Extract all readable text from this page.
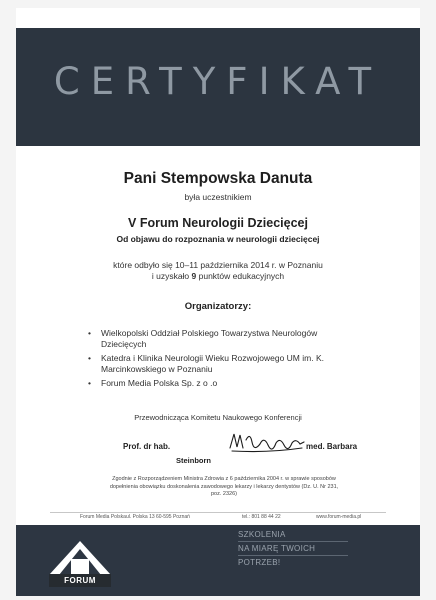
CERTYFIKAT
Pani Stempowska Danuta
była uczestnikiem
V Forum Neurologii Dziecięcej
Od objawu do rozpoznania w neurologii dziecięcej
które odbyło się 10–11 października 2014 r. w Poznaniu
i uzyskało 9 punktów edukacyjnych
Organizatorzy:
• Wielkopolski Oddział Polskiego Towarzystwa Neurologów Dziecięcych
• Katedra i Klinika Neurologii Wieku Rozwojowego UM im. K. Marcinkowskiego w Poznaniu
• Forum Media Polska Sp. z o .o
Przewodnicząca Komitetu Naukowego Konferencji
Prof. dr hab.	med. Barbara
Steinborn
Zgodnie z Rozporządzeniem Ministra Zdrowia z 6 października 2004 r. w sprawie sposobów
dopełnienia obowiązku doskonalenia zawodowego lekarzy i lekarzy dentystów (Dz. U. Nr 231, poz. 2326)
Forum Media Polska ul. Polska 13 60-595 Poznań	tel.: 801 88 44 22	www.forum-media.pl
FORUM
SZKOLENIA
NA MIARĘ TWOICH
POTRZEB!
